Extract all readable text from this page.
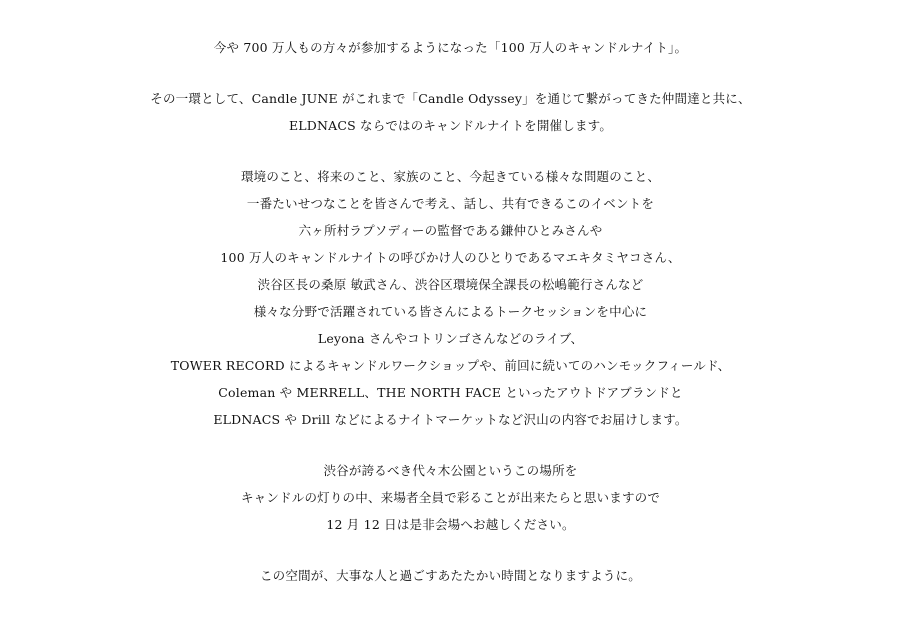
今や 700 万人もの方々が参加するようになった「100 万人のキャンドルナイト」。
その一環として、Candle JUNE がこれまで「Candle Odyssey」を通じて繋がってきた仲間達と共に、
ELDNACS ならではのキャンドルナイトを開催します。
環境のこと、将来のこと、家族のこと、今起きている様々な問題のこと、
一番たいせつなことを皆さんで考え、話し、共有できるこのイベントを
六ヶ所村ラプソディーの監督である鎌仲ひとみさんや
100 万人のキャンドルナイトの呼びかけ人のひとりであるマエキタミヤコさん、
渋谷区長の桑原 敏武さん、渋谷区環境保全課長の松嶋範行さんなど
様々な分野で活躍されている皆さんによるトークセッションを中心に
Leyona さんやコトリンゴさんなどのライブ、
TOWER RECORD によるキャンドルワークショップや、前回に続いてのハンモックフィールド、
Coleman や MERRELL、THE NORTH FACE といったアウトドアブランドと
ELDNACS や Drill などによるナイトマーケットなど沢山の内容でお届けします。
渋谷が誇るべき代々木公園というこの場所を
キャンドルの灯りの中、来場者全員で彩ることが出来たらと思いますので
12 月 12 日は是非会場へお越しください。
この空間が、大事な人と過ごすあたたかい時間となりますように。
